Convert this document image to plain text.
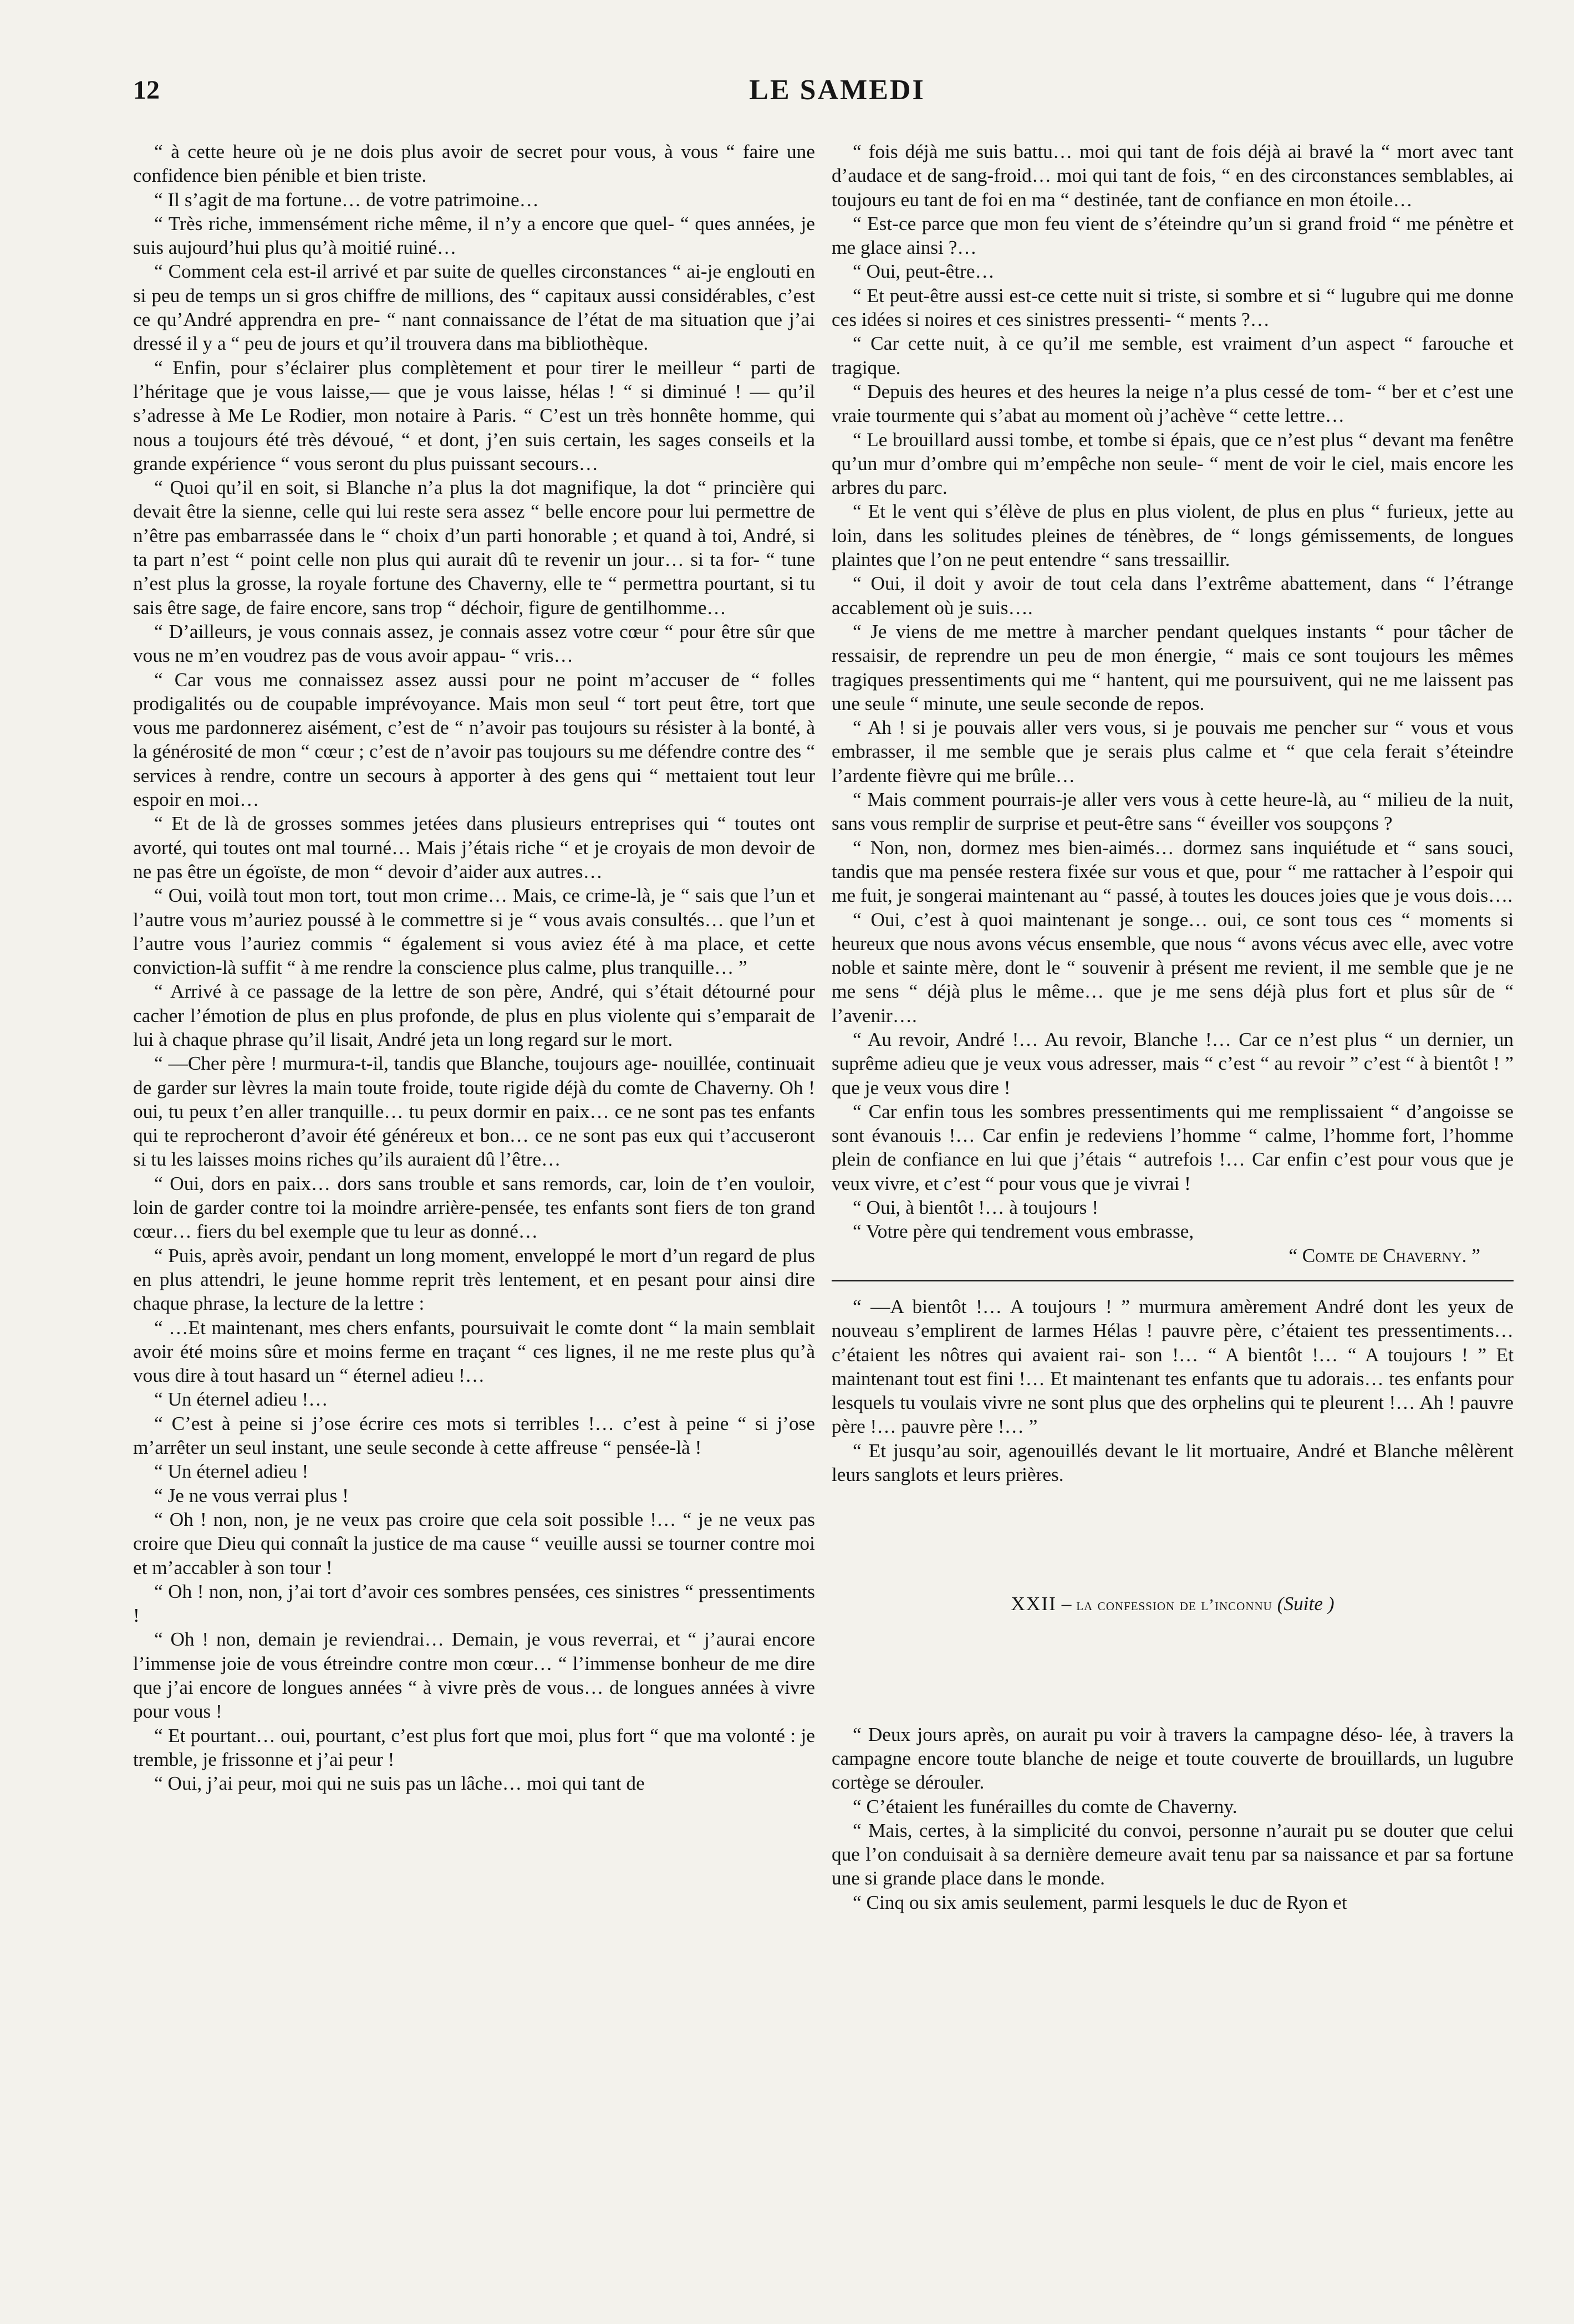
12	LE SAMEDI

“ à cette heure où je ne dois plus avoir de secret pour vous, à vous “ faire une confidence bien pénible et bien triste.

“ Il s’agit de ma fortune… de votre patrimoine…

“ Très riche, immensément riche même, il n’y a encore que quel- “ ques années, je suis aujourd’hui plus qu’à moitié ruiné…

“ Comment cela est-il arrivé et par suite de quelles circonstances “ ai-je englouti en si peu de temps un si gros chiffre de millions, des “ capitaux aussi considérables, c’est ce qu’André apprendra en pre- “ nant connaissance de l’état de ma situation que j’ai dressé il y a “ peu de jours et qu’il trouvera dans ma bibliothèque.

“ Enfin, pour s’éclairer plus complètement et pour tirer le meilleur “ parti de l’héritage que je vous laisse,— que je vous laisse, hélas ! “ si diminué ! — qu’il s’adresse à Me Le Rodier, mon notaire à Paris. “ C’est un très honnête homme, qui nous a toujours été très dévoué, “ et dont, j’en suis certain, les sages conseils et la grande expérience “ vous seront du plus puissant secours…

“ Quoi qu’il en soit, si Blanche n’a plus la dot magnifique, la dot “ princière qui devait être la sienne, celle qui lui reste sera assez “ belle encore pour lui permettre de n’être pas embarrassée dans le “ choix d’un parti honorable ; et quand à toi, André, si ta part n’est “ point celle non plus qui aurait dû te revenir un jour… si ta for- “ tune n’est plus la grosse, la royale fortune des Chaverny, elle te “ permettra pourtant, si tu sais être sage, de faire encore, sans trop “ déchoir, figure de gentilhomme…

“ D’ailleurs, je vous connais assez, je connais assez votre cœur “ pour être sûr que vous ne m’en voudrez pas de vous avoir appau- “ vris…

“ Car vous me connaissez assez aussi pour ne point m’accuser de “ folles prodigalités ou de coupable imprévoyance. Mais mon seul “ tort peut être, tort que vous me pardonnerez aisément, c’est de “ n’avoir pas toujours su résister à la bonté, à la générosité de mon “ cœur ; c’est de n’avoir pas toujours su me défendre contre des “ services à rendre, contre un secours à apporter à des gens qui “ mettaient tout leur espoir en moi…

“ Et de là de grosses sommes jetées dans plusieurs entreprises qui “ toutes ont avorté, qui toutes ont mal tourné… Mais j’étais riche “ et je croyais de mon devoir de ne pas être un égoïste, de mon “ devoir d’aider aux autres…

“ Oui, voilà tout mon tort, tout mon crime… Mais, ce crime-là, je “ sais que l’un et l’autre vous m’auriez poussé à le commettre si je “ vous avais consultés… que l’un et l’autre vous l’auriez commis “ également si vous aviez été à ma place, et cette conviction-là suffit “ à me rendre la conscience plus calme, plus tranquille… ”

“ Arrivé à ce passage de la lettre de son père, André, qui s’était détourné pour cacher l’émotion de plus en plus profonde, de plus en plus violente qui s’emparait de lui à chaque phrase qu’il lisait, André jeta un long regard sur le mort.

“ —Cher père ! murmura-t-il, tandis que Blanche, toujours age- nouillée, continuait de garder sur lèvres la main toute froide, toute rigide déjà du comte de Chaverny. Oh ! oui, tu peux t’en aller tranquille… tu peux dormir en paix… ce ne sont pas tes enfants qui te reprocheront d’avoir été généreux et bon… ce ne sont pas eux qui t’accuseront si tu les laisses moins riches qu’ils auraient dû l’être…

“ Oui, dors en paix… dors sans trouble et sans remords, car, loin de t’en vouloir, loin de garder contre toi la moindre arrière-pensée, tes enfants sont fiers de ton grand cœur… fiers du bel exemple que tu leur as donné…

“ Puis, après avoir, pendant un long moment, enveloppé le mort d’un regard de plus en plus attendri, le jeune homme reprit très lentement, et en pesant pour ainsi dire chaque phrase, la lecture de la lettre :

“ …Et maintenant, mes chers enfants, poursuivait le comte dont “ la main semblait avoir été moins sûre et moins ferme en traçant “ ces lignes, il ne me reste plus qu’à vous dire à tout hasard un “ éternel adieu !…

“ Un éternel adieu !…

“ C’est à peine si j’ose écrire ces mots si terribles !… c’est à peine “ si j’ose m’arrêter un seul instant, une seule seconde à cette affreuse “ pensée-là !

“ Un éternel adieu !

“ Je ne vous verrai plus !

“ Oh ! non, non, je ne veux pas croire que cela soit possible !… “ je ne veux pas croire que Dieu qui connaît la justice de ma cause “ veuille aussi se tourner contre moi et m’accabler à son tour !

“ Oh ! non, non, j’ai tort d’avoir ces sombres pensées, ces sinistres “ pressentiments !

“ Oh ! non, demain je reviendrai… Demain, je vous reverrai, et “ j’aurai encore l’immense joie de vous étreindre contre mon cœur… “ l’immense bonheur de me dire que j’ai encore de longues années “ à vivre près de vous… de longues années à vivre pour vous !

“ Et pourtant… oui, pourtant, c’est plus fort que moi, plus fort “ que ma volonté : je tremble, je frissonne et j’ai peur !

“ Oui, j’ai peur, moi qui ne suis pas un lâche… moi qui tant de

“ fois déjà me suis battu… moi qui tant de fois déjà ai bravé la “ mort avec tant d’audace et de sang-froid… moi qui tant de fois, “ en des circonstances semblables, ai toujours eu tant de foi en ma “ destinée, tant de confiance en mon étoile…

“ Est-ce parce que mon feu vient de s’éteindre qu’un si grand froid “ me pénètre et me glace ainsi ?…

“ Oui, peut-être…

“ Et peut-être aussi est-ce cette nuit si triste, si sombre et si “ lugubre qui me donne ces idées si noires et ces sinistres pressenti- “ ments ?…

“ Car cette nuit, à ce qu’il me semble, est vraiment d’un aspect “ farouche et tragique.

“ Depuis des heures et des heures la neige n’a plus cessé de tom- “ ber et c’est une vraie tourmente qui s’abat au moment où j’achève “ cette lettre…

“ Le brouillard aussi tombe, et tombe si épais, que ce n’est plus “ devant ma fenêtre qu’un mur d’ombre qui m’empêche non seule- “ ment de voir le ciel, mais encore les arbres du parc.

“ Et le vent qui s’élève de plus en plus violent, de plus en plus “ furieux, jette au loin, dans les solitudes pleines de ténèbres, de “ longs gémissements, de longues plaintes que l’on ne peut entendre “ sans tressaillir.

“ Oui, il doit y avoir de tout cela dans l’extrême abattement, dans “ l’étrange accablement où je suis….

“ Je viens de me mettre à marcher pendant quelques instants “ pour tâcher de ressaisir, de reprendre un peu de mon énergie, “ mais ce sont toujours les mêmes tragiques pressentiments qui me “ hantent, qui me poursuivent, qui ne me laissent pas une seule “ minute, une seule seconde de repos.

“ Ah ! si je pouvais aller vers vous, si je pouvais me pencher sur “ vous et vous embrasser, il me semble que je serais plus calme et “ que cela ferait s’éteindre l’ardente fièvre qui me brûle…

“ Mais comment pourrais-je aller vers vous à cette heure-là, au “ milieu de la nuit, sans vous remplir de surprise et peut-être sans “ éveiller vos soupçons ?

“ Non, non, dormez mes bien-aimés… dormez sans inquiétude et “ sans souci, tandis que ma pensée restera fixée sur vous et que, pour “ me rattacher à l’espoir qui me fuit, je songerai maintenant au “ passé, à toutes les douces joies que je vous dois….

“ Oui, c’est à quoi maintenant je songe… oui, ce sont tous ces “ moments si heureux que nous avons vécus ensemble, que nous “ avons vécus avec elle, avec votre noble et sainte mère, dont le “ souvenir à présent me revient, il me semble que je ne me sens “ déjà plus le même… que je me sens déjà plus fort et plus sûr de “ l’avenir….

“ Au revoir, André !… Au revoir, Blanche !… Car ce n’est plus “ un dernier, un suprême adieu que je veux vous adresser, mais “ c’est “ au revoir ” c’est “ à bientôt ! ” que je veux vous dire !

“ Car enfin tous les sombres pressentiments qui me remplissaient “ d’angoisse se sont évanouis !… Car enfin je redeviens l’homme “ calme, l’homme fort, l’homme plein de confiance en lui que j’étais “ autrefois !… Car enfin c’est pour vous que je veux vivre, et c’est “ pour vous que je vivrai !

“ Oui, à bientôt !… à toujours !

“ Votre père qui tendrement vous embrasse,

“ Comte de Chaverny. ”

“ —A bientôt !… A toujours ! ” murmura amèrement André dont les yeux de nouveau s’emplirent de larmes Hélas ! pauvre père, c’étaient tes pressentiments… c’étaient les nôtres qui avaient rai- son !… “ A bientôt !… “ A toujours ! ” Et maintenant tout est fini !… Et maintenant tes enfants que tu adorais… tes enfants pour lesquels tu voulais vivre ne sont plus que des orphelins qui te pleurent !… Ah ! pauvre père !… pauvre père !… ”

“ Et jusqu’au soir, agenouillés devant le lit mortuaire, André et Blanche mêlèrent leurs sanglots et leurs prières.

XXII – la confession de l’inconnu (Suite )

“ Deux jours après, on aurait pu voir à travers la campagne déso- lée, à travers la campagne encore toute blanche de neige et toute couverte de brouillards, un lugubre cortège se dérouler.

“ C’étaient les funérailles du comte de Chaverny.

“ Mais, certes, à la simplicité du convoi, personne n’aurait pu se douter que celui que l’on conduisait à sa dernière demeure avait tenu par sa naissance et par sa fortune une si grande place dans le monde.

“ Cinq ou six amis seulement, parmi lesquels le duc de Ryon et
